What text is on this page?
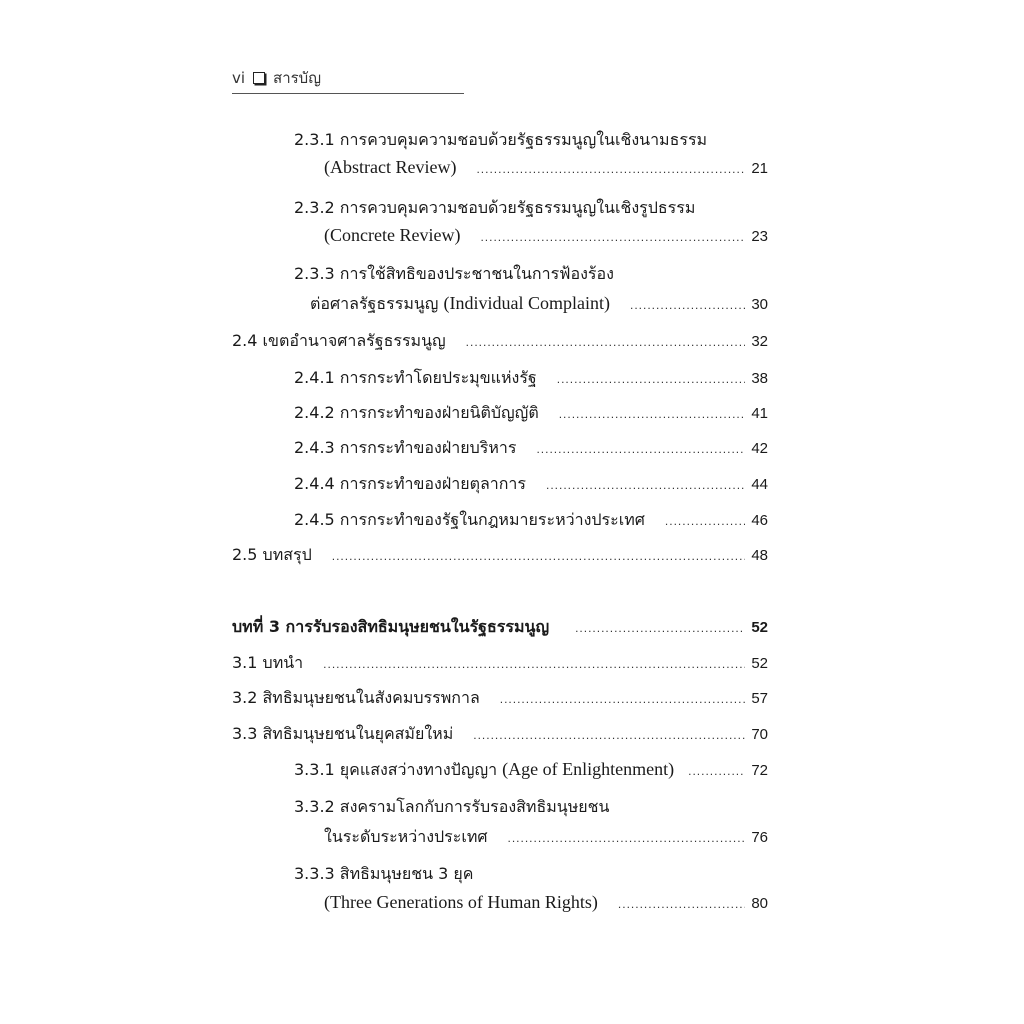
vi สารบัญ
2.3.1 การควบคุมความชอบด้วยรัฐธรรมนูญในเชิงนามธรรม
(Abstract Review) .....	21
2.3.2 การควบคุมความชอบด้วยรัฐธรรมนูญในเชิงรูปธรรม
(Concrete Review) .....	23
2.3.3 การใช้สิทธิของประชาชนในการฟ้องร้อง
ต่อศาลรัฐธรรมนูญ (Individual Complaint) .....	30
2.4 เขตอำนาจศาลรัฐธรรมนูญ .....	32
2.4.1 การกระทำโดยประมุขแห่งรัฐ .....	38
2.4.2 การกระทำของฝ่ายนิติบัญญัติ .....	41
2.4.3 การกระทำของฝ่ายบริหาร .....	42
2.4.4 การกระทำของฝ่ายตุลาการ .....	44
2.4.5 การกระทำของรัฐในกฎหมายระหว่างประเทศ .....	46
2.5 บทสรุป .....	48
บทที่ 3 การรับรองสิทธิมนุษยชนในรัฐธรรมนูญ .....	52
3.1 บทนำ .....	52
3.2 สิทธิมนุษยชนในสังคมบรรพกาล .....	57
3.3 สิทธิมนุษยชนในยุคสมัยใหม่ .....	70
3.3.1 ยุคแสงสว่างทางปัญญา (Age of Enlightenment) .....	72
3.3.2 สงครามโลกกับการรับรองสิทธิมนุษยชน
ในระดับระหว่างประเทศ .....	76
3.3.3 สิทธิมนุษยชน 3 ยุค
(Three Generations of Human Rights) .....	80
